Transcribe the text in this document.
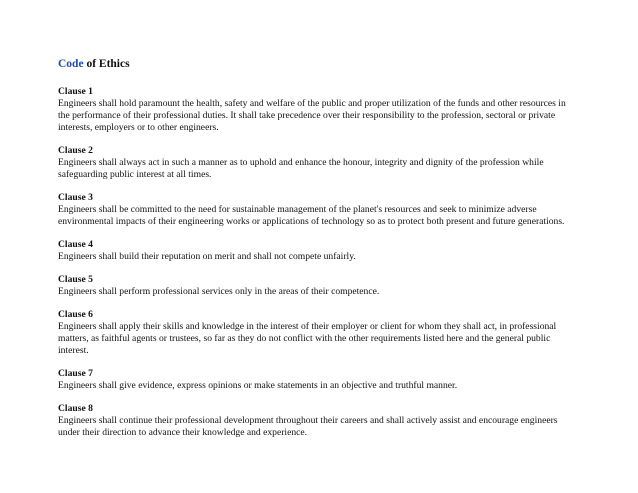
Code of Ethics

Clause 1

Engineers shall hold paramount the health, safety and welfare of the public and proper utilization of the funds and other resources in the performance of their professional duties. It shall take precedence over their responsibility to the profession, sectoral or private interests, employers or to other engineers.

Clause 2

Engineers shall always act in such a manner as to uphold and enhance the honour, integrity and dignity of the profession while safeguarding public interest at all times.

Clause 3

Engineers shall be committed to the need for sustainable management of the planet's resources and seek to minimize adverse environmental impacts of their engineering works or applications of technology so as to protect both present and future generations.

Clause 4

Engineers shall build their reputation on merit and shall not compete unfairly.

Clause 5

Engineers shall perform professional services only in the areas of their competence.

Clause 6

Engineers shall apply their skills and knowledge in the interest of their employer or client for whom they shall act, in professional matters, as faithful agents or trustees, so far as they do not conflict with the other requirements listed here and the general public interest.

Clause 7

Engineers shall give evidence, express opinions or make statements in an objective and truthful manner.

Clause 8

Engineers shall continue their professional development throughout their careers and shall actively assist and encourage engineers under their direction to advance their knowledge and experience.
